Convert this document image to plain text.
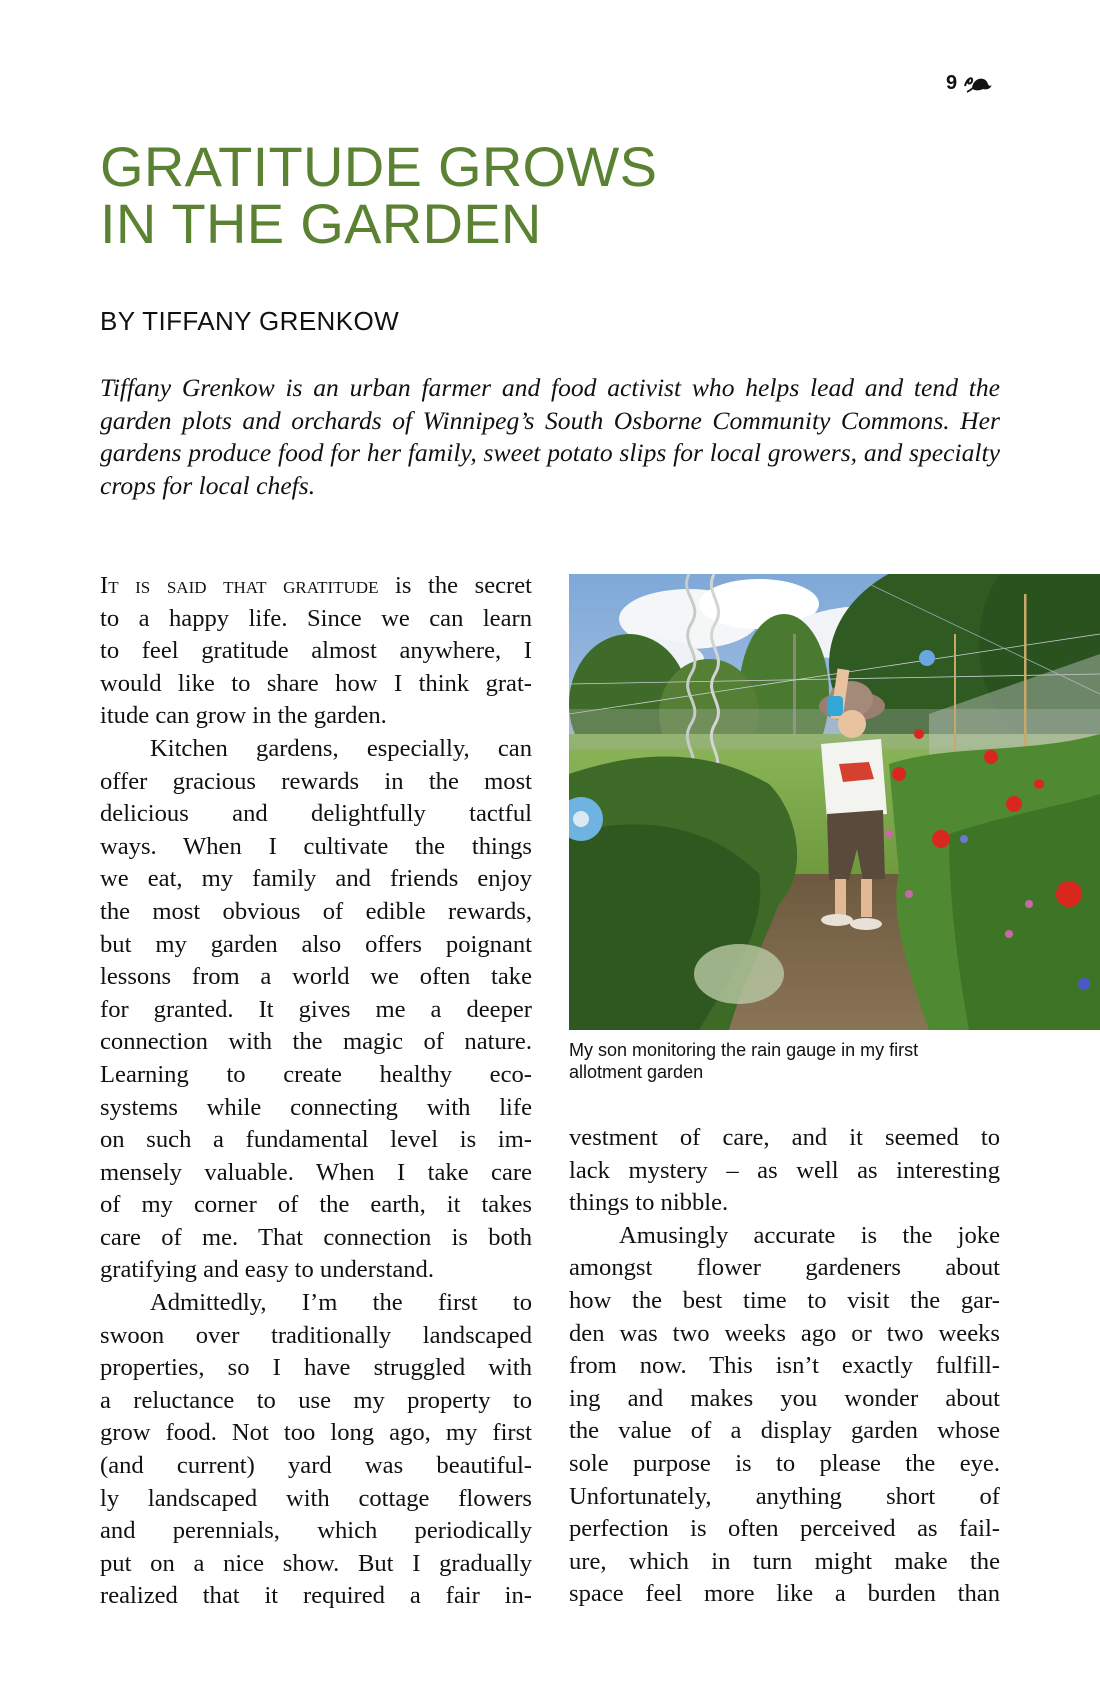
9
GRATITUDE GROWS
IN THE GARDEN

BY TIFFANY GRENKOW

Tiffany Grenkow is an urban farmer and food activist who helps lead and tend the garden plots and orchards of Winnipeg’s South Osborne Community Commons. Her gardens produce food for her family, sweet potato slips for local growers, and specialty crops for local chefs.

It is said that gratitude is the secret
to a happy life. Since we can learn
to feel gratitude almost anywhere, I
would like to share how I think grat-
itude can grow in the garden.
Kitchen gardens, especially, can
offer gracious rewards in the most
delicious and delightfully tactful
ways. When I cultivate the things
we eat, my family and friends enjoy
the most obvious of edible rewards,
but my garden also offers poignant
lessons from a world we often take
for granted. It gives me a deeper
connection with the magic of nature.
Learning to create healthy eco-
systems while connecting with life
on such a fundamental level is im-
mensely valuable. When I take care
of my corner of the earth, it takes
care of me. That connection is both
gratifying and easy to understand.
Admittedly, I’m the first to
swoon over traditionally landscaped
properties, so I have struggled with
a reluctance to use my property to
grow food. Not too long ago, my first
(and current) yard was beautiful-
ly landscaped with cottage flowers
and perennials, which periodically
put on a nice show. But I gradually
realized that it required a fair in-

My son monitoring the rain gauge in my first allotment garden

vestment of care, and it seemed to
lack mystery – as well as interesting
things to nibble.
Amusingly accurate is the joke
amongst flower gardeners about
how the best time to visit the gar-
den was two weeks ago or two weeks
from now. This isn’t exactly fulfill-
ing and makes you wonder about
the value of a display garden whose
sole purpose is to please the eye.
Unfortunately, anything short of
perfection is often perceived as fail-
ure, which in turn might make the
space feel more like a burden than
